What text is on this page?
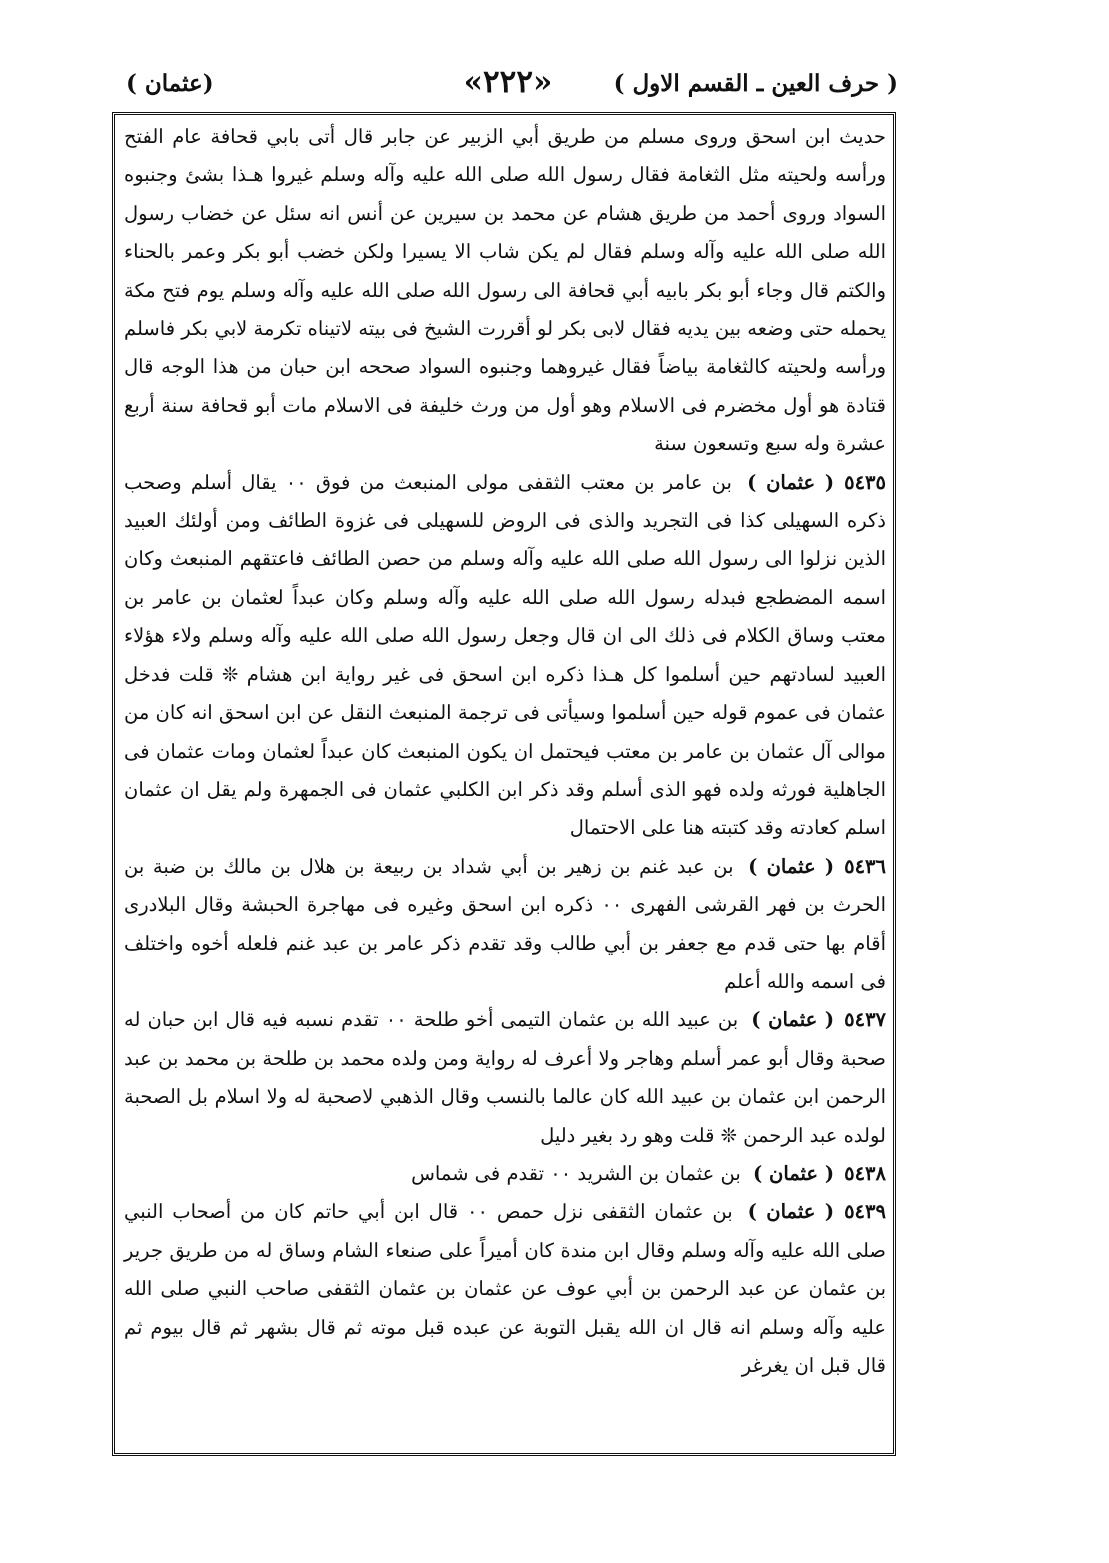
( حرف العين ـ القسم الاول )
«٢٢٢»
(عثمان )

حديث ابن اسحق وروى مسلم من طريق أبي الزبير عن جابر قال أتى بابي قحافة عام الفتح ورأسه ولحيته مثل الثغامة فقال رسول الله صلى الله عليه وآله وسلم غيروا هـذا بشئ وجنبوه السواد وروى أحمد من طريق هشام عن محمد بن سيرين عن أنس انه سئل عن خضاب رسول الله صلى الله عليه وآله وسلم فقال لم يكن شاب الا يسيرا ولكن خضب أبو بكر وعمر بالحناء والكتم قال وجاء أبو بكر بابيه أبي قحافة الى رسول الله صلى الله عليه وآله وسلم يوم فتح مكة يحمله حتى وضعه بين يديه فقال لابى بكر لو أقررت الشيخ فى بيته لاتيناه تكرمة لابي بكر فاسلم ورأسه ولحيته كالثغامة بياضاً فقال غيروهما وجنبوه السواد صححه ابن حبان من هذا الوجه قال قتادة هو أول مخضرم فى الاسلام وهو أول من ورث خليفة فى الاسلام مات أبو قحافة سنة أربع عشرة وله سبع وتسعون سنة

٥٤٣٥( عثمان ) بن عامر بن معتب الثقفى مولى المنبعث من فوق ٠٠ يقال أسلم وصحب ذكره السهيلى كذا فى التجريد والذى فى الروض للسهيلى فى غزوة الطائف ومن أولئك العبيد الذين نزلوا الى رسول الله صلى الله عليه وآله وسلم من حصن الطائف فاعتقهم المنبعث وكان اسمه المضطجع فبدله رسول الله صلى الله عليه وآله وسلم وكان عبداً لعثمان بن عامر بن معتب وساق الكلام فى ذلك الى ان قال وجعل رسول الله صلى الله عليه وآله وسلم ولاء هؤلاء العبيد لسادتهم حين أسلموا كل هـذا ذكره ابن اسحق فى غير رواية ابن هشام ❊ قلت فدخل عثمان فى عموم قوله حين أسلموا وسيأتى فى ترجمة المنبعث النقل عن ابن اسحق انه كان من موالى آل عثمان بن عامر بن معتب فيحتمل ان يكون المنبعث كان عبداً لعثمان ومات عثمان فى الجاهلية فورثه ولده فهو الذى أسلم وقد ذكر ابن الكلبي عثمان فى الجمهرة ولم يقل ان عثمان اسلم كعادته وقد كتبته هنا على الاحتمال

٥٤٣٦( عثمان ) بن عبد غنم بن زهير بن أبي شداد بن ربيعة بن هلال بن مالك بن ضبة بن الحرث بن فهر القرشى الفهرى ٠٠ ذكره ابن اسحق وغيره فى مهاجرة الحبشة وقال البلادرى أقام بها حتى قدم مع جعفر بن أبي طالب وقد تقدم ذكر عامر بن عبد غنم فلعله أخوه واختلف فى اسمه والله أعلم

٥٤٣٧( عثمان ) بن عبيد الله بن عثمان التيمى أخو طلحة ٠٠ تقدم نسبه فيه قال ابن حبان له صحبة وقال أبو عمر أسلم وهاجر ولا أعرف له رواية ومن ولده محمد بن طلحة بن محمد بن عبد الرحمن ابن عثمان بن عبيد الله كان عالما بالنسب وقال الذهبي لاصحبة له ولا اسلام بل الصحبة لولده عبد الرحمن ❊ قلت وهو رد بغير دليل

٥٤٣٨( عثمان ) بن عثمان بن الشريد ٠٠ تقدم فى شماس

٥٤٣٩( عثمان ) بن عثمان الثقفى نزل حمص ٠٠ قال ابن أبي حاتم كان من أصحاب النبي صلى الله عليه وآله وسلم وقال ابن مندة كان أميراً على صنعاء الشام وساق له من طريق جرير بن عثمان عن عبد الرحمن بن أبي عوف عن عثمان بن عثمان الثقفى صاحب النبي صلى الله عليه وآله وسلم انه قال ان الله يقبل التوبة عن عبده قبل موته ثم قال بشهر ثم قال بيوم ثم قال قبل ان يغرغر
